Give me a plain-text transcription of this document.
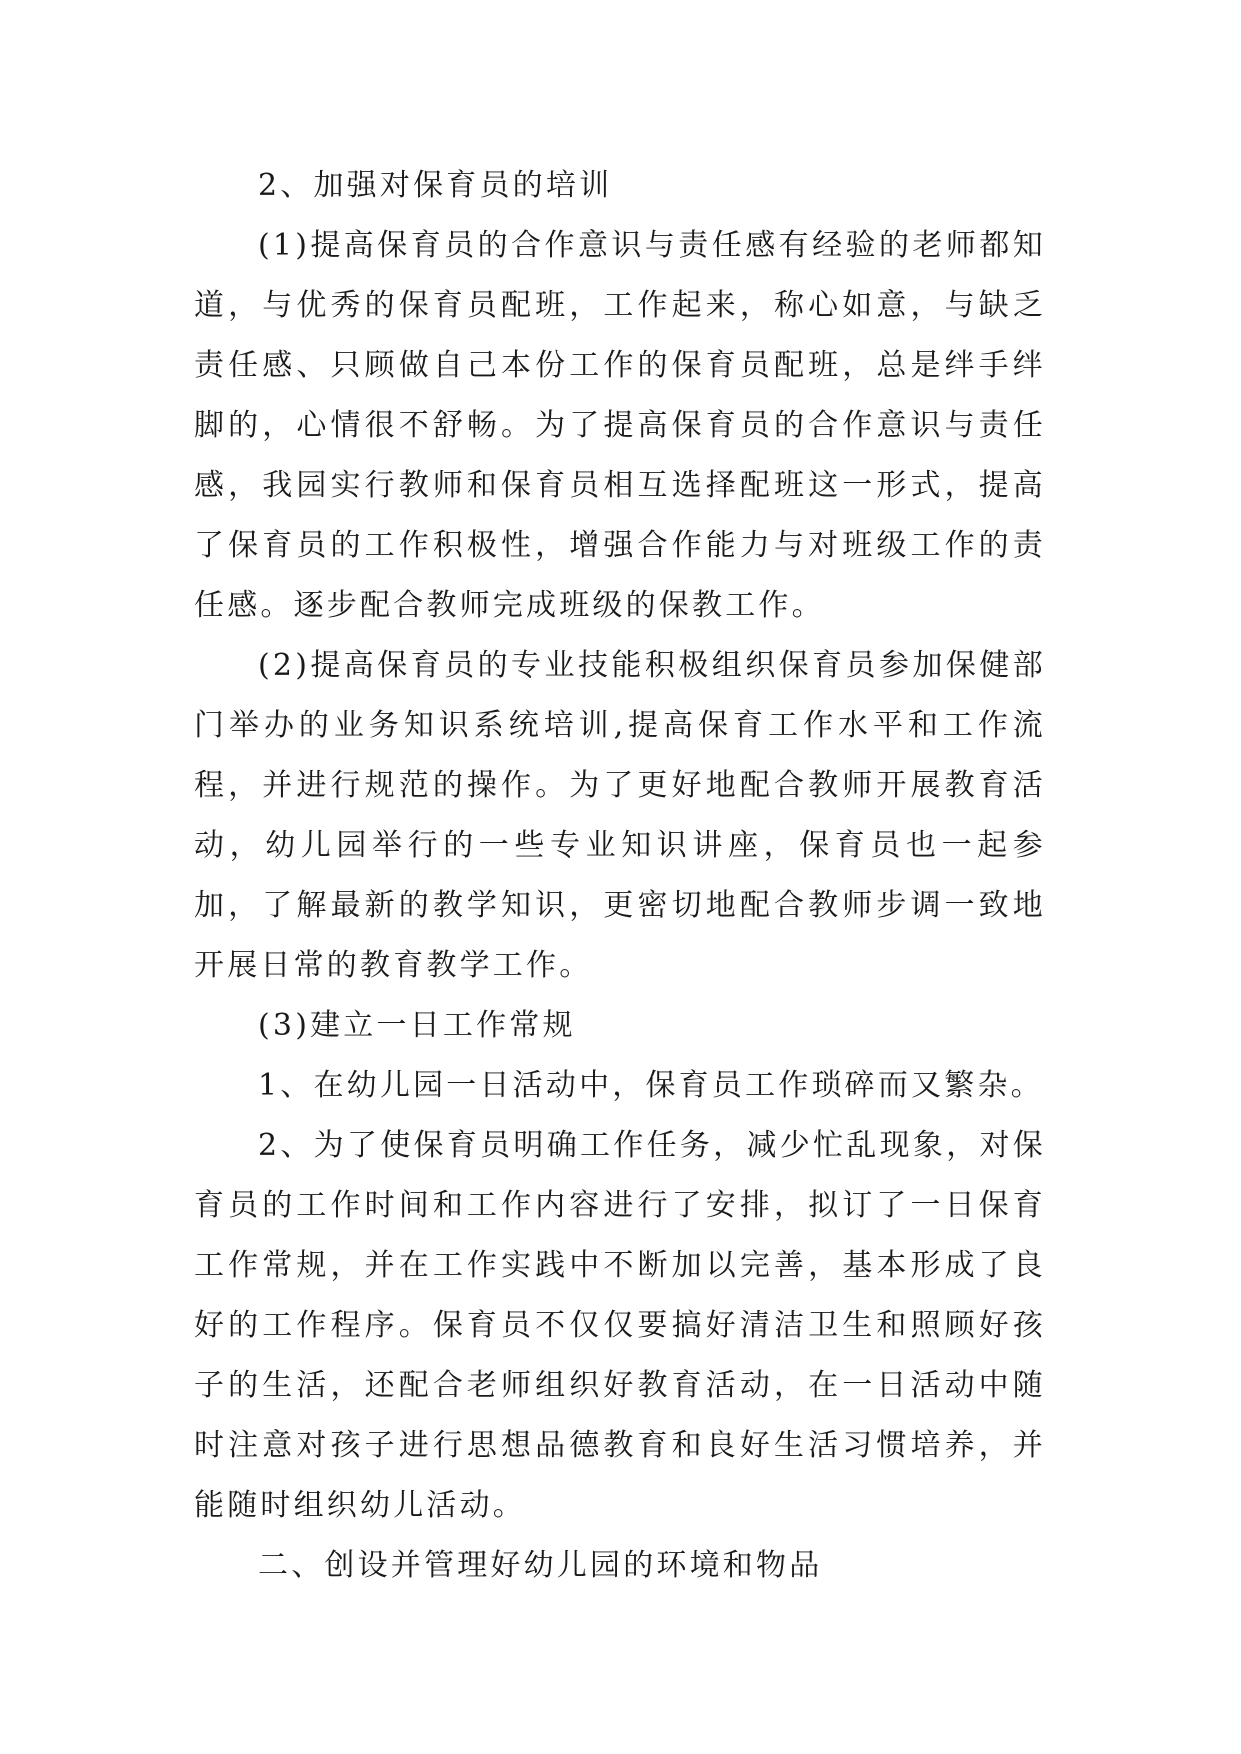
2、加强对保育员的培训

(1)提高保育员的合作意识与责任感有经验的老师都知道，与优秀的保育员配班，工作起来，称心如意，与缺乏责任感、只顾做自己本份工作的保育员配班，总是绊手绊脚的，心情很不舒畅。为了提高保育员的合作意识与责任感，我园实行教师和保育员相互选择配班这一形式，提高了保育员的工作积极性，增强合作能力与对班级工作的责任感。逐步配合教师完成班级的保教工作。

(2)提高保育员的专业技能积极组织保育员参加保健部门举办的业务知识系统培训,提高保育工作水平和工作流程，并进行规范的操作。为了更好地配合教师开展教育活动，幼儿园举行的一些专业知识讲座，保育员也一起参加，了解最新的教学知识，更密切地配合教师步调一致地开展日常的教育教学工作。

(3)建立一日工作常规

1、在幼儿园一日活动中，保育员工作琐碎而又繁杂。

2、为了使保育员明确工作任务，减少忙乱现象，对保育员的工作时间和工作内容进行了安排，拟订了一日保育工作常规，并在工作实践中不断加以完善，基本形成了良好的工作程序。保育员不仅仅要搞好清洁卫生和照顾好孩子的生活，还配合老师组织好教育活动，在一日活动中随时注意对孩子进行思想品德教育和良好生活习惯培养，并能随时组织幼儿活动。

二、创设并管理好幼儿园的环境和物品
